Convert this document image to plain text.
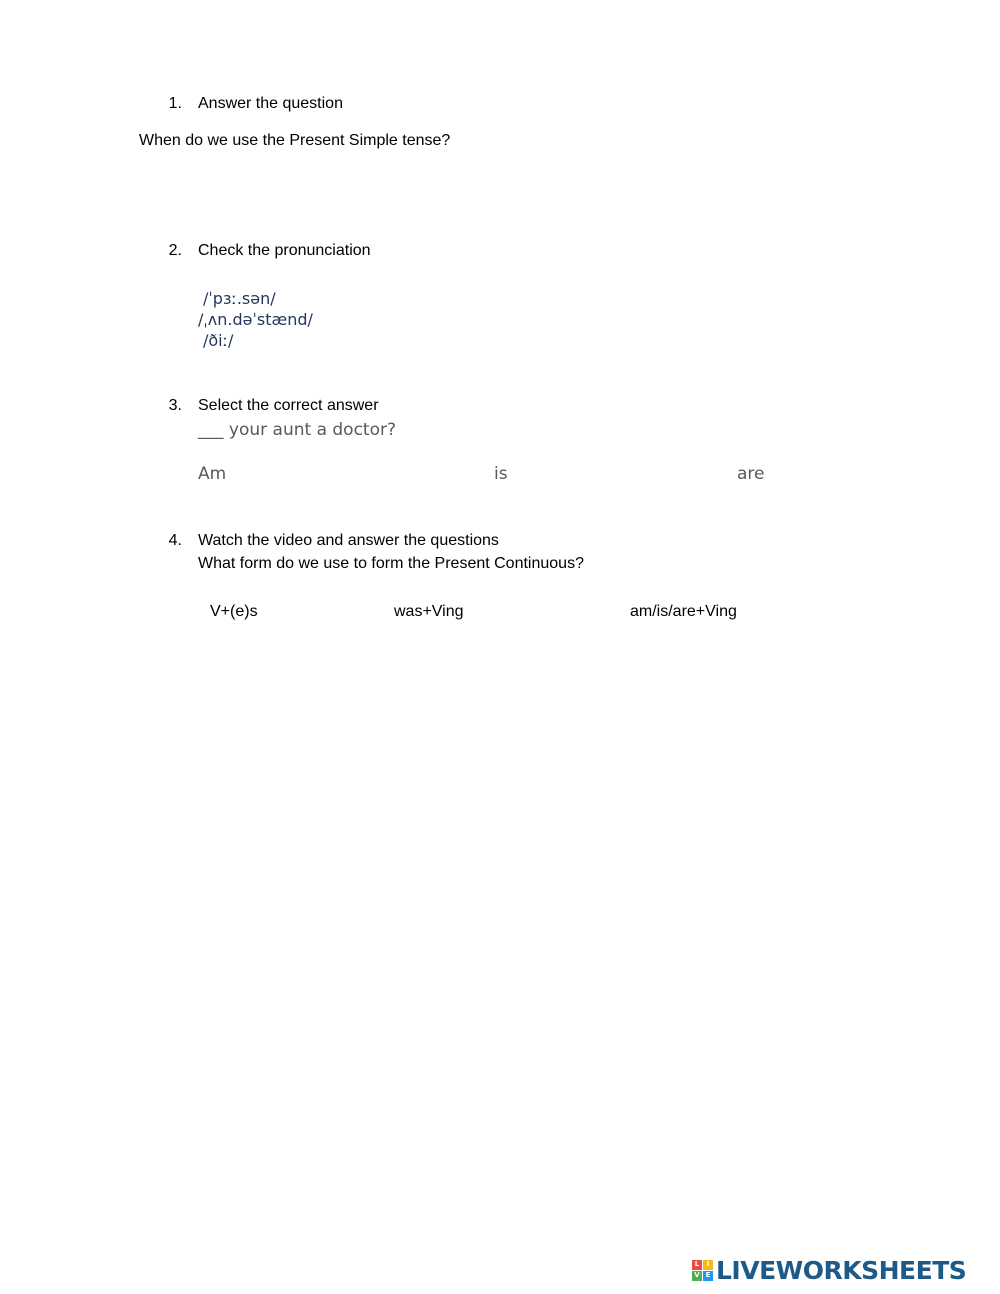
1. Answer the question
When do we use the Present Simple tense?
2. Check the pronunciation
/ˈpɜː.sən/
/ˌʌn.dəˈstænd/
/ðiː/
3. Select the correct answer
___ your aunt a doctor?
Am	is	are
4. Watch the video and answer the questions
What form do we use to form the Present Continuous?
V+(e)s	was+Ving	am/is/are+Ving
L	I
V E LIVEWORKSHEETS
